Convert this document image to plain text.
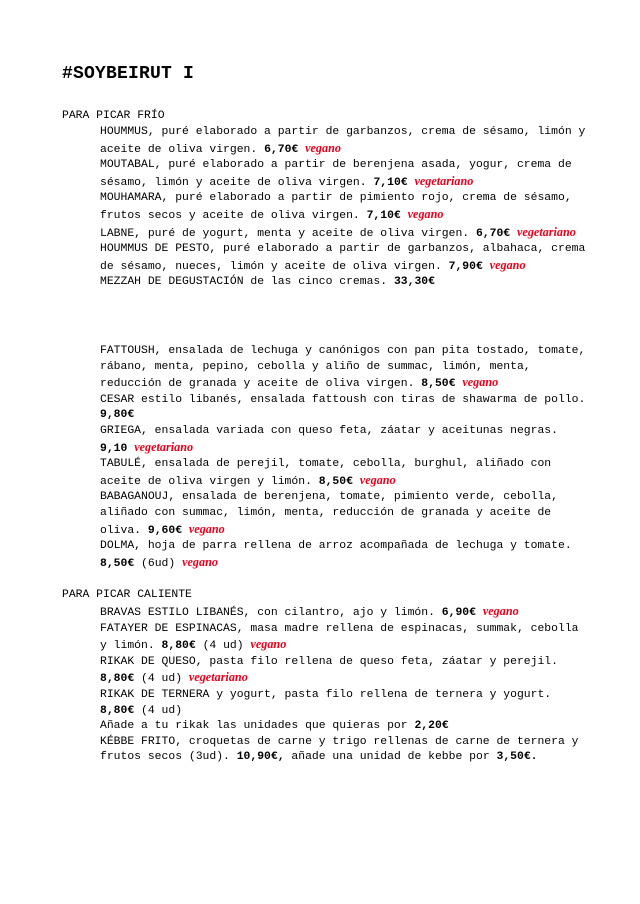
#SOYBEIRUT I
PARA PICAR FRÍO

HOUMMUS, puré elaborado a partir de garbanzos, crema de sésamo, limón y aceite de oliva virgen. 6,70€ vegano

MOUTABAL, puré elaborado a partir de berenjena asada, yogur, crema de sésamo, limón y aceite de oliva virgen. 7,10€ vegetariano

MOUHAMARA, puré elaborado a partir de pimiento rojo, crema de sésamo, frutos secos y aceite de oliva virgen. 7,10€ vegano

LABNE, puré de yogurt, menta y aceite de oliva virgen. 6,70€ vegetariano

HOUMMUS DE PESTO, puré elaborado a partir de garbanzos, albahaca, crema de sésamo, nueces, limón y aceite de oliva virgen. 7,90€ vegano

MEZZAH DE DEGUSTACIÓN de las cinco cremas. 33,30€

FATTOUSH, ensalada de lechuga y canónigos con pan pita tostado, tomate, rábano, menta, pepino, cebolla y aliño de summac, limón, menta, reducción de granada y aceite de oliva virgen. 8,50€ vegano

CESAR estilo libanés, ensalada fattoush con tiras de shawarma de pollo. 9,80€

GRIEGA, ensalada variada con queso feta, záatar y aceitunas negras. 9,10 vegetariano

TABULÉ, ensalada de perejil, tomate, cebolla, burghul, aliñado con aceite de oliva virgen y limón. 8,50€ vegano

BABAGANOUJ, ensalada de berenjena, tomate, pimiento verde, cebolla, aliñado con summac, limón, menta, reducción de granada y aceite de oliva. 9,60€ vegano

DOLMA, hoja de parra rellena de arroz acompañada de lechuga y tomate. 8,50€ (6ud) vegano

PARA PICAR CALIENTE

BRAVAS ESTILO LIBANÉS, con cilantro, ajo y limón. 6,90€ vegano

FATAYER DE ESPINACAS, masa madre rellena de espinacas, summak, cebolla y limón. 8,80€ (4 ud) vegano

RIKAK DE QUESO, pasta filo rellena de queso feta, záatar y perejil. 8,80€ (4 ud) vegetariano

RIKAK DE TERNERA y yogurt, pasta filo rellena de ternera y yogurt. 8,80€ (4 ud)

Añade a tu rikak las unidades que quieras por 2,20€

KÉBBE FRITO, croquetas de carne y trigo rellenas de carne de ternera y frutos secos (3ud). 10,90€, añade una unidad de kebbe por 3,50€.
